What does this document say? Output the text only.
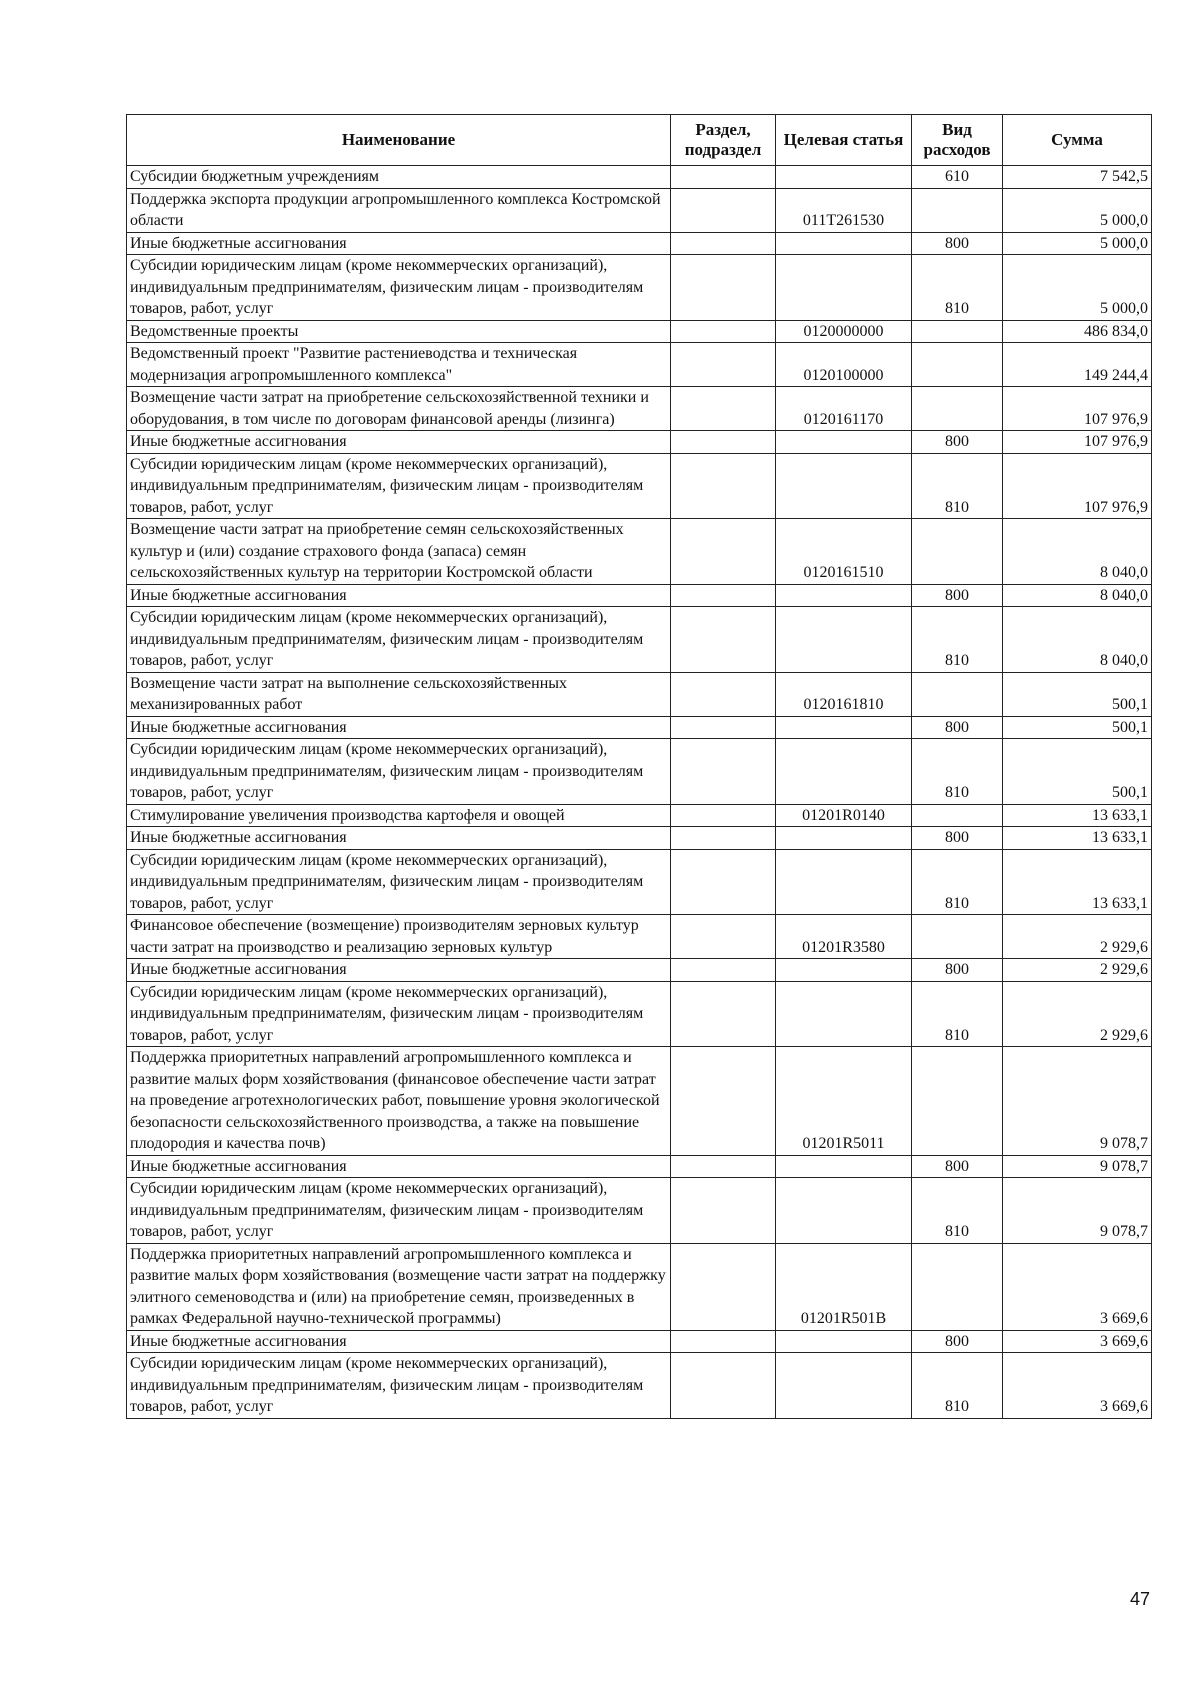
Наименование	Раздел, подраздел	Целевая статья	Вид расходов	Сумма
Субсидии бюджетным учреждениям			610	7 542,5
Поддержка экспорта продукции агропромышленного комплекса Костромской области		011T261530		5 000,0
Иные бюджетные ассигнования			800	5 000,0
Субсидии юридическим лицам (кроме некоммерческих организаций), индивидуальным предпринимателям, физическим лицам - производителям товаров, работ, услуг			810	5 000,0
Ведомственные проекты		0120000000		486 834,0
Ведомственный проект "Развитие растениеводства и техническая модернизация агропромышленного комплекса"		0120100000		149 244,4
Возмещение части затрат на приобретение сельскохозяйственной техники и оборудования, в том числе по договорам финансовой аренды (лизинга)		0120161170		107 976,9
Иные бюджетные ассигнования			800	107 976,9
Субсидии юридическим лицам (кроме некоммерческих организаций), индивидуальным предпринимателям, физическим лицам - производителям товаров, работ, услуг			810	107 976,9
Возмещение части затрат на приобретение семян сельскохозяйственных культур и (или) создание страхового фонда (запаса) семян сельскохозяйственных культур на территории Костромской области		0120161510		8 040,0
Иные бюджетные ассигнования			800	8 040,0
Субсидии юридическим лицам (кроме некоммерческих организаций), индивидуальным предпринимателям, физическим лицам - производителям товаров, работ, услуг			810	8 040,0
Возмещение части затрат на выполнение сельскохозяйственных механизированных работ		0120161810		500,1
Иные бюджетные ассигнования			800	500,1
Субсидии юридическим лицам (кроме некоммерческих организаций), индивидуальным предпринимателям, физическим лицам - производителям товаров, работ, услуг			810	500,1
Стимулирование увеличения производства картофеля и овощей		01201R0140		13 633,1
Иные бюджетные ассигнования			800	13 633,1
Субсидии юридическим лицам (кроме некоммерческих организаций), индивидуальным предпринимателям, физическим лицам - производителям товаров, работ, услуг			810	13 633,1
Финансовое обеспечение (возмещение) производителям зерновых культур части затрат на производство и реализацию зерновых культур		01201R3580		2 929,6
Иные бюджетные ассигнования			800	2 929,6
Субсидии юридическим лицам (кроме некоммерческих организаций), индивидуальным предпринимателям, физическим лицам - производителям товаров, работ, услуг			810	2 929,6
Поддержка приоритетных направлений агропромышленного комплекса и развитие малых форм хозяйствования (финансовое обеспечение части затрат на проведение агротехнологических работ, повышение уровня экологической безопасности сельскохозяйственного производства, а также на повышение плодородия и качества почв)		01201R5011		9 078,7
Иные бюджетные ассигнования			800	9 078,7
Субсидии юридическим лицам (кроме некоммерческих организаций), индивидуальным предпринимателям, физическим лицам - производителям товаров, работ, услуг			810	9 078,7
Поддержка приоритетных направлений агропромышленного комплекса и развитие малых форм хозяйствования (возмещение части затрат на поддержку элитного семеноводства и (или) на приобретение семян, произведенных в рамках Федеральной научно-технической программы)		01201R501B		3 669,6
Иные бюджетные ассигнования			800	3 669,6
Субсидии юридическим лицам (кроме некоммерческих организаций), индивидуальным предпринимателям, физическим лицам - производителям товаров, работ, услуг			810	3 669,6
47
